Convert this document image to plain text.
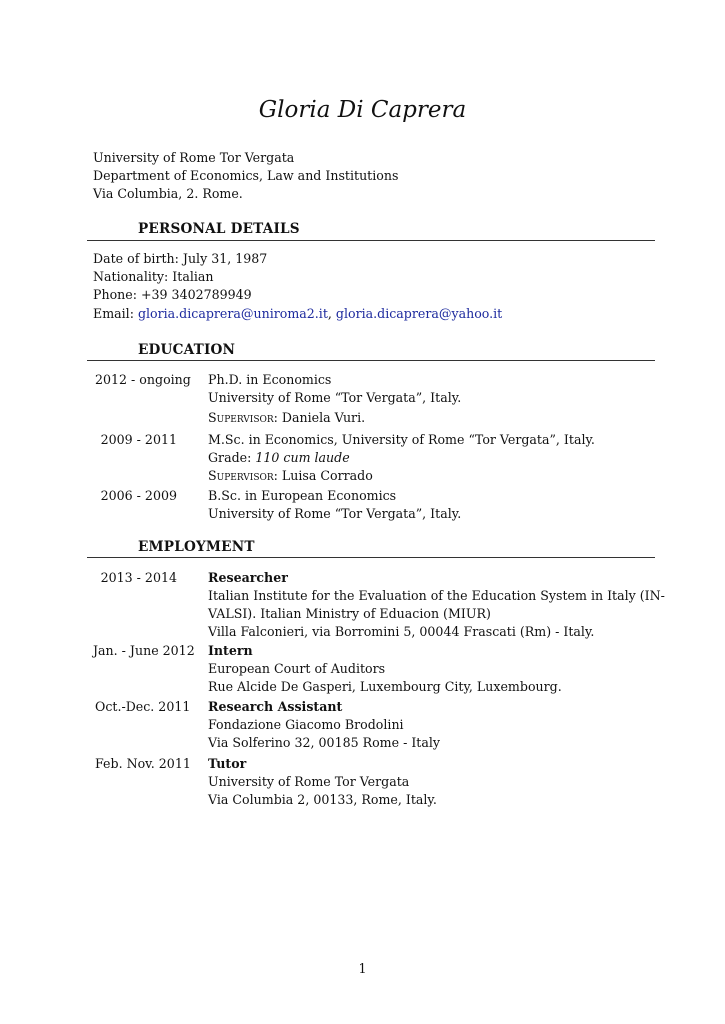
Gloria Di Caprera
University of Rome Tor Vergata
Department of Economics, Law and Institutions
Via Columbia, 2. Rome.
PERSONAL DETAILS
Date of birth: July 31, 1987
Nationality: Italian
Phone: +39 3402789949
Email: gloria.dicaprera@uniroma2.it, gloria.dicaprera@yahoo.it
EDUCATION
2012 - ongoing Ph.D. in Economics
University of Rome “Tor Vergata”, Italy.
Supervisor: Daniela Vuri.
2009 - 2011 M.Sc. in Economics, University of Rome “Tor Vergata”, Italy.
Grade: 110 cum laude
Supervisor: Luisa Corrado
2006 - 2009 B.Sc. in European Economics
University of Rome “Tor Vergata”, Italy.
EMPLOYMENT
2013 - 2014 Researcher
Italian Institute for the Evaluation of the Education System in Italy (IN-
VALSI). Italian Ministry of Eduacion (MIUR)
Villa Falconieri, via Borromini 5, 00044 Frascati (Rm) - Italy.
Jan. - June 2012 Intern
European Court of Auditors
Rue Alcide De Gasperi, Luxembourg City, Luxembourg.
Oct.-Dec. 2011 Research Assistant
Fondazione Giacomo Brodolini
Via Solferino 32, 00185 Rome - Italy
Feb. Nov. 2011 Tutor
University of Rome Tor Vergata
Via Columbia 2, 00133, Rome, Italy.
1
